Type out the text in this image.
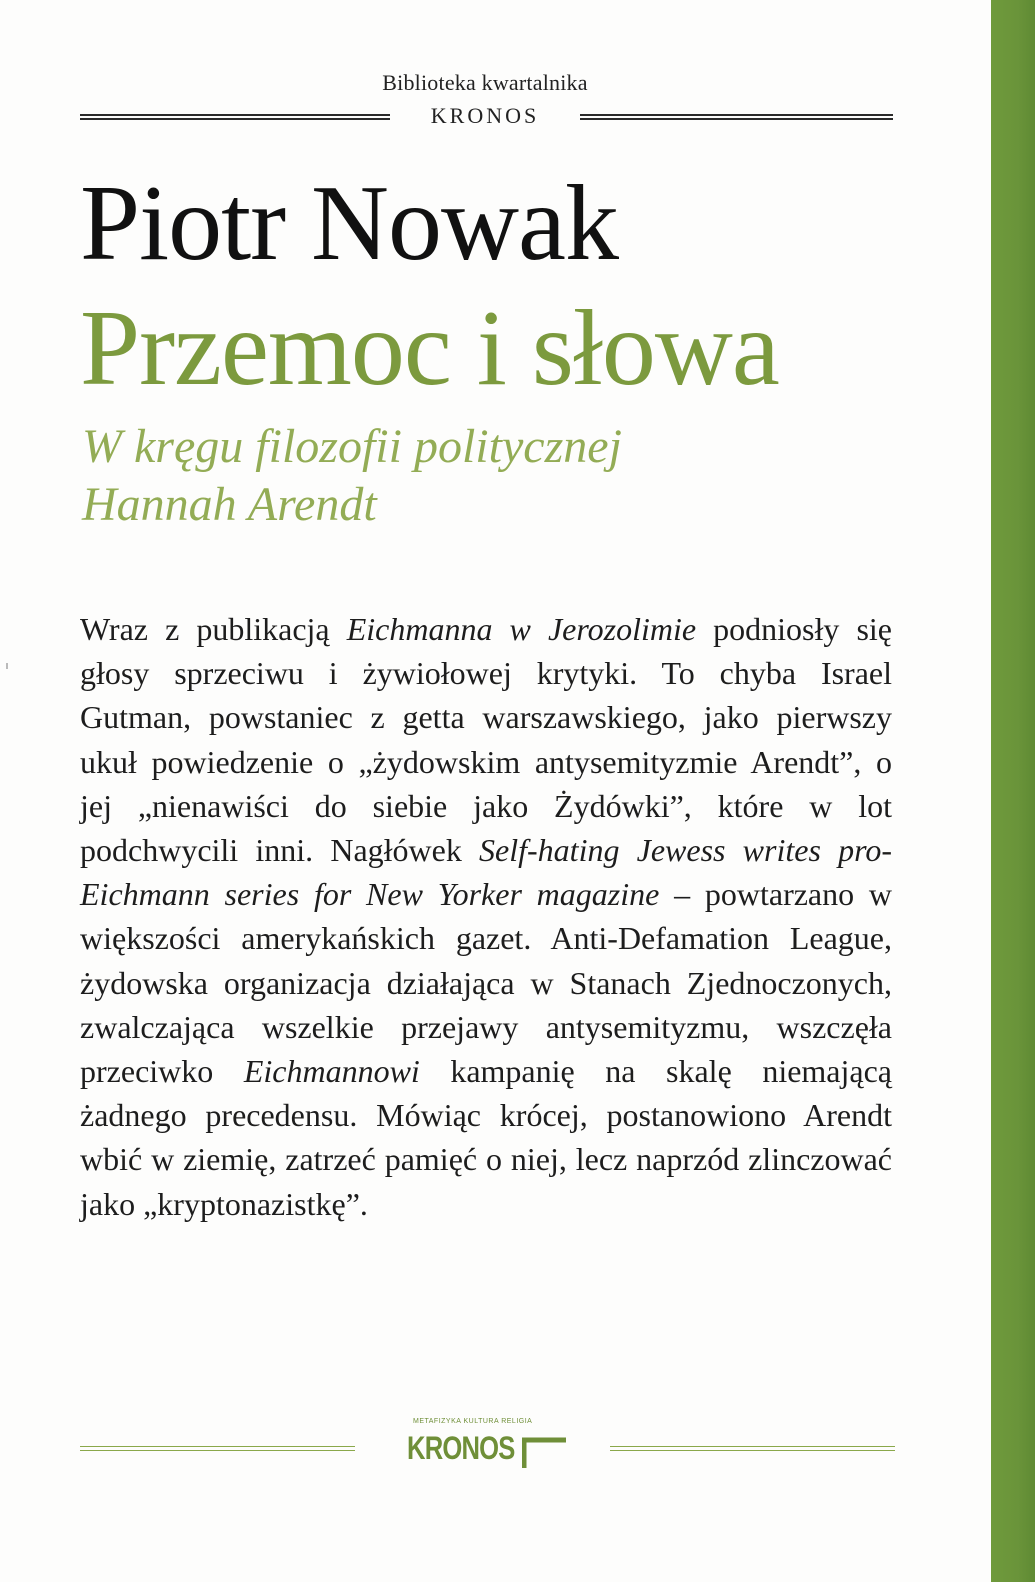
Biblioteka kwartalnika
KRONOS
Piotr Nowak
Przemoc i słowa
W kręgu filozofii politycznej
Hannah Arendt

Wraz z publikacją Eichmanna w Jerozolimie podniosły się głosy sprzeciwu i żywiołowej krytyki. To chyba Israel Gutman, powstaniec z getta warszawskiego, jako pierwszy ukuł powiedzenie o „żydowskim antysemityzmie Arendt”, o jej „nienawiści do siebie jako Żydówki”, które w lot podchwycili inni. Nagłówek Self-hating Jewess writes pro-Eichmann series for New Yorker magazine – powtarzano w większości amerykańskich gazet. Anti-Defamation League, żydowska organizacja działająca w Stanach Zjednoczonych, zwalczająca wszelkie przejawy antysemityzmu, wszczęła przeciwko Eichmannowi kampanię na skalę niemającą żadnego precedensu. Mówiąc krócej, postanowiono Arendt wbić w ziemię, zatrzeć pamięć o niej, lecz naprzód zlinczować jako „kryptonazistkę”.

METAFIZYKA KULTURA RELIGIA
KRONOS
